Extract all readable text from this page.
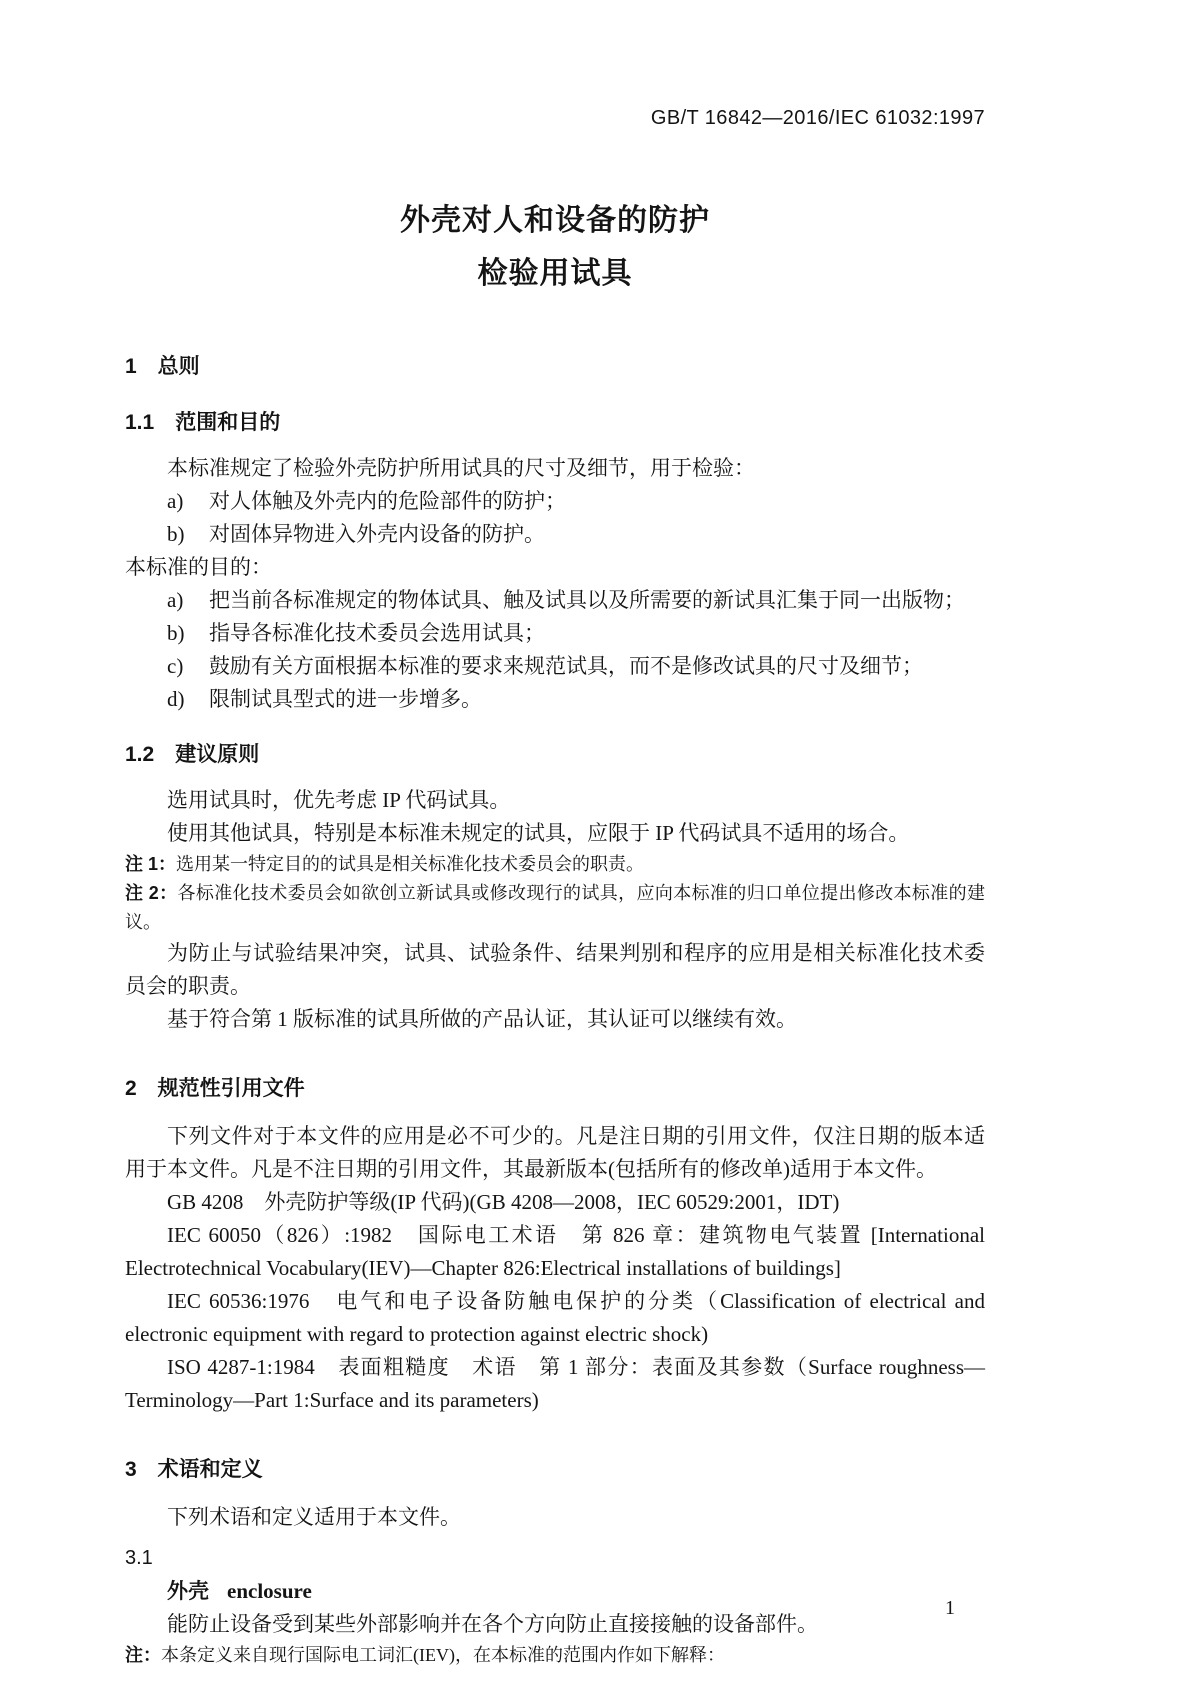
GB/T 16842—2016/IEC 61032:1997
外壳对人和设备的防护
检验用试具
1　总则
1.1　范围和目的

本标准规定了检验外壳防护所用试具的尺寸及细节，用于检验：

a)	对人体触及外壳内的危险部件的防护；
b)	对固体异物进入外壳内设备的防护。

本标准的目的：

a)	把当前各标准规定的物体试具、触及试具以及所需要的新试具汇集于同一出版物；
b)	指导各标准化技术委员会选用试具；
c)	鼓励有关方面根据本标准的要求来规范试具，而不是修改试具的尺寸及细节；
d)	限制试具型式的进一步增多。
1.2　建议原则

选用试具时，优先考虑 IP 代码试具。

使用其他试具，特别是本标准未规定的试具，应限于 IP 代码试具不适用的场合。

注 1：选用某一特定目的的试具是相关标准化技术委员会的职责。

注 2：各标准化技术委员会如欲创立新试具或修改现行的试具，应向本标准的归口单位提出修改本标准的建议。

为防止与试验结果冲突，试具、试验条件、结果判别和程序的应用是相关标准化技术委员会的职责。

基于符合第 1 版标准的试具所做的产品认证，其认证可以继续有效。

2　规范性引用文件

下列文件对于本文件的应用是必不可少的。凡是注日期的引用文件，仅注日期的版本适用于本文件。凡是不注日期的引用文件，其最新版本(包括所有的修改单)适用于本文件。

GB 4208　外壳防护等级(IP 代码)(GB 4208—2008，IEC 60529:2001，IDT)

IEC 60050（826）:1982　国际电工术语　第 826 章：建筑物电气装置 [International Electrotechnical Vocabulary(IEV)—Chapter 826:Electrical installations of buildings]

IEC 60536:1976　电气和电子设备防触电保护的分类（Classification of electrical and electronic equipment with regard to protection against electric shock)

ISO 4287-1:1984　表面粗糙度　术语　第 1 部分：表面及其参数（Surface roughness—Terminology—Part 1:Surface and its parameters)

3　术语和定义

下列术语和定义适用于本文件。

3.1
外壳 enclosure

能防止设备受到某些外部影响并在各个方向防止直接接触的设备部件。

注：本条定义来自现行国际电工词汇(IEV)，在本标准的范围内作如下解释：

1
